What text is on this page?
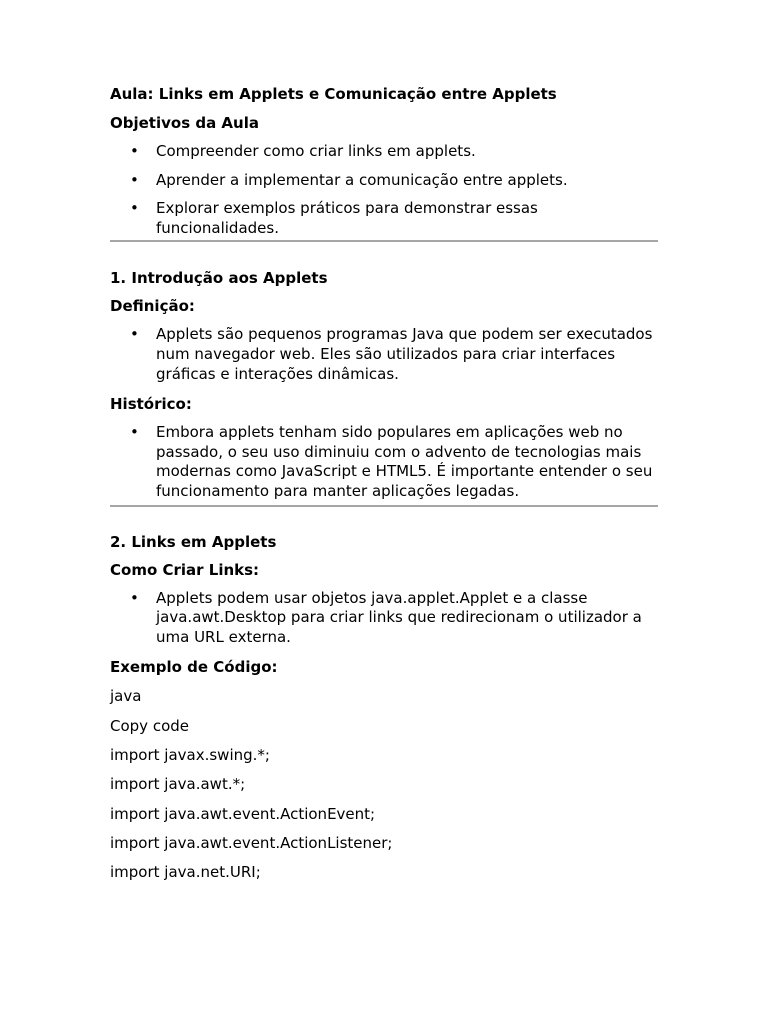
Aula: Links em Applets e Comunicação entre Applets

Objetivos da Aula

• Compreender como criar links em applets.
• Aprender a implementar a comunicação entre applets.
• Explorar exemplos práticos para demonstrar essas funcionalidades.

1. Introdução aos Applets

Definição:

• Applets são pequenos programas Java que podem ser executados num navegador web. Eles são utilizados para criar interfaces gráficas e interações dinâmicas.

Histórico:

• Embora applets tenham sido populares em aplicações web no passado, o seu uso diminuiu com o advento de tecnologias mais modernas como JavaScript e HTML5. É importante entender o seu funcionamento para manter aplicações legadas.

2. Links em Applets

Como Criar Links:

• Applets podem usar objetos java.applet.Applet e a classe java.awt.Desktop para criar links que redirecionam o utilizador a uma URL externa.

Exemplo de Código:

java

Copy code

import javax.swing.*;

import java.awt.*;

import java.awt.event.ActionEvent;

import java.awt.event.ActionListener;

import java.net.URI;
